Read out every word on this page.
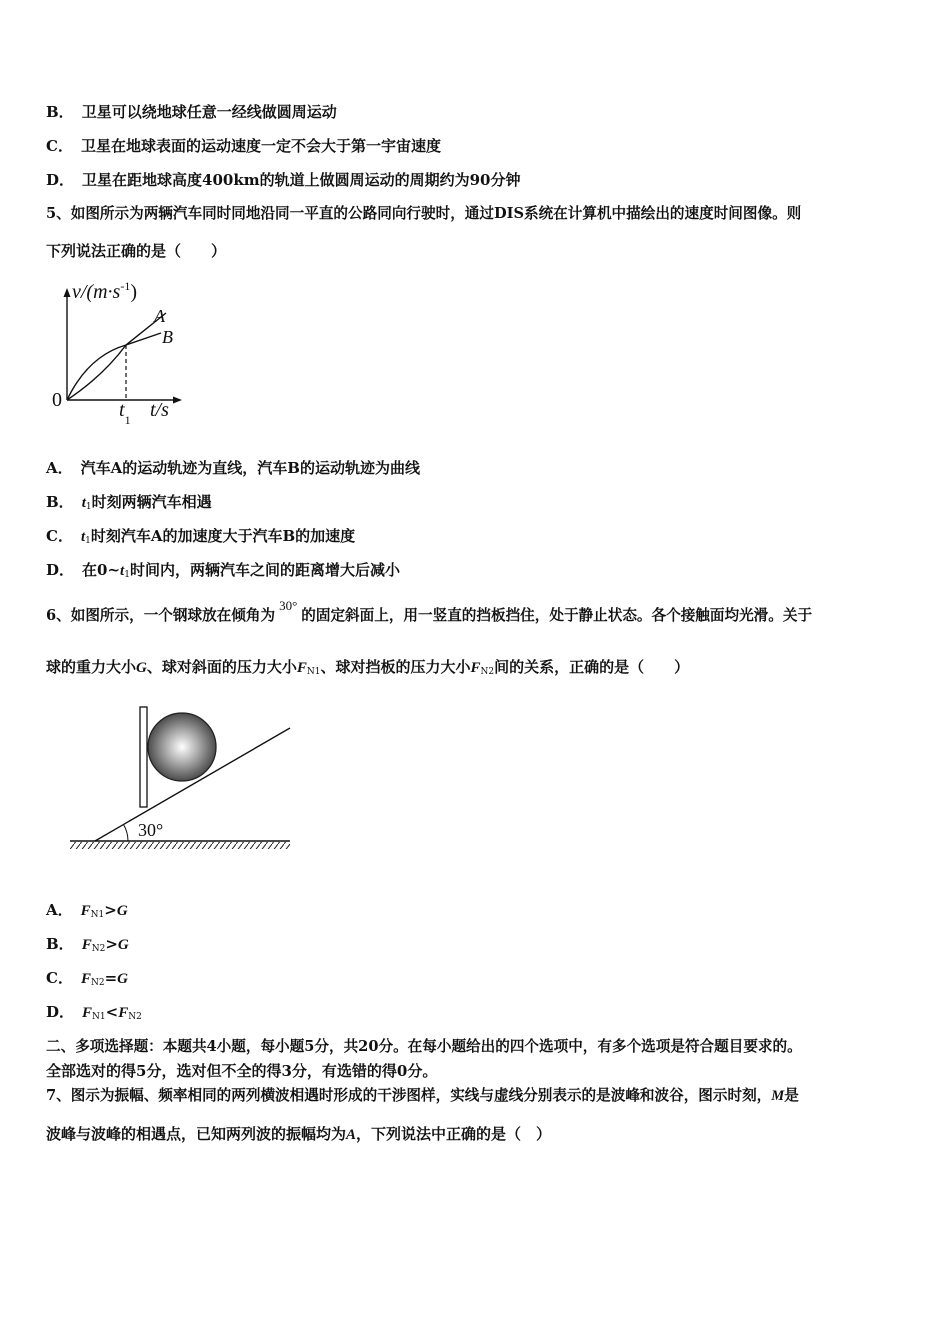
B． 卫星可以绕地球任意一经线做圆周运动
C． 卫星在地球表面的运动速度一定不会大于第一宇宙速度
D． 卫星在距地球高度400km的轨道上做圆周运动的周期约为90分钟
5、如图所示为两辆汽车同时同地沿同一平直的公路同向行驶时，通过DIS系统在计算机中描绘出的速度时间图像。则
下列说法正确的是（　　）
$v/(m\cdot s^{-1})$
A
B
0	$t_1$ t/s
A． 汽车A的运动轨迹为直线，汽车B的运动轨迹为曲线
B． $t_1$时刻两辆汽车相遇
C． $t_1$时刻汽车A的加速度大于汽车B的加速度
D． 在$0\sim t_1$时间内，两辆汽车之间的距离增大后减小
6、如图所示，一个钢球放在倾角为30°的固定斜面上，用一竖直的挡板挡住，处于静止状态。各个接触面均光滑。关于
球的重力大小G、球对斜面的压力大小$F_{N1}$、球对挡板的压力大小$F_{N2}$间的关系，正确的是（　　）
30°
A． $F_{N1}>G$
B． $F_{N2}>G$
C． $F_{N2}=G$
D． $F_{N1}<F_{N2}$
二、多项选择题：本题共4小题，每小题5分，共20分。在每小题给出的四个选项中，有多个选项是符合题目要求的。
全部选对的得5分，选对但不全的得3分，有选错的得0分。
7、图示为振幅、频率相同的两列横波相遇时形成的干涉图样，实线与虚线分别表示的是波峰和波谷，图示时刻，M是
波峰与波峰的相遇点，已知两列波的振幅均为A，下列说法中正确的是（　）
